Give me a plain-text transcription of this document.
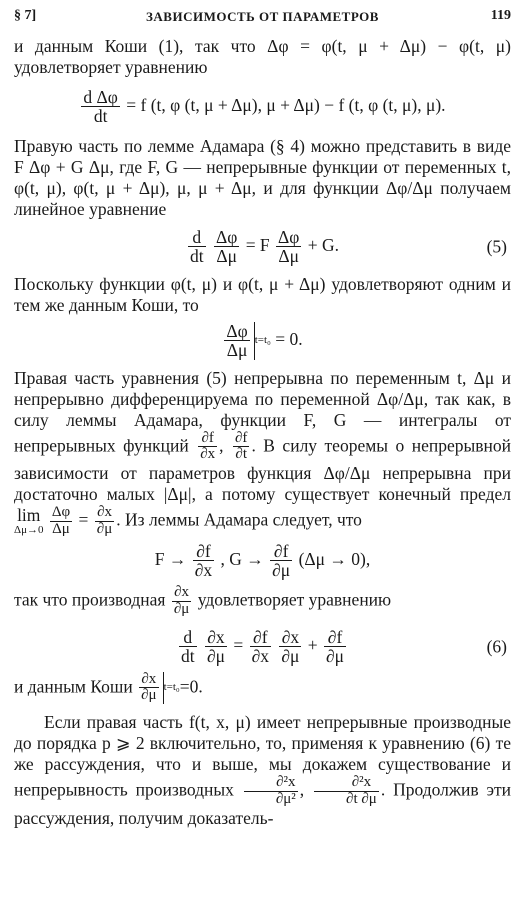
§ 7]	ЗАВИСИМОСТЬ ОТ ПАРАМЕТРОВ	119

и данным Коши (1), так что Δφ = φ(t, μ + Δμ) − φ(t, μ) удовлетворяет уравнению

$\frac{\text{d Δφ}}{dt} = f$ (t, φ (t, μ + Δμ), μ + Δμ) − f (t, φ (t, μ), μ).

Правую часть по лемме Адамара (§ 4) можно представить в виде F Δφ + G Δμ, где F, G — непрерывные функции от переменных t, φ(t, μ), φ(t, μ + Δμ), μ, μ + Δμ, и для функции Δφ/Δμ получаем линейное уравнение

$\frac{d}{dt}$
$\frac{\Delta\varphi}{\Delta\mu} = F \frac{\Delta\varphi}{\Delta\mu} + G$.	(5)

Поскольку функции φ(t, μ) и φ(t, μ + Δμ) удовлетворяют одним и тем же данным Коши, то

$\frac{\Delta\varphi}{\Delta\mu} t=t_0 = 0$.

Правая часть уравнения (5) непрерывна по переменным t, Δμ и непрерывно дифференцируема по переменной Δφ/Δμ, так как, в силу леммы Адамара, функции F, G — интегралы от непрерывных функций $\frac{\partial f}{\partial x}$ , $\frac{\partial f}{\partial t}$ . В силу теоремы о непрерывной зависимости от параметров функция Δφ/Δμ непрерывна при достаточно малых |Δμ|, а потому существует конечный предел
lim
Δμ→0
$\frac{\Delta\varphi}{\Delta\mu} = \frac{\partial x}{\partial\mu}$ . Из леммы Адамара следует, что

$F \to \frac{\partial f}{\partial x}$ , $G \to \frac{\partial f}{\partial\mu} (\Delta\mu \to 0)$,

так что производная $\frac{\partial x}{\partial\mu}$ удовлетворяет уравнению

$\frac{d}{dt}$
$\frac{\partial x}{\partial\mu} = \frac{\partial f}{\partial x}$
$\frac{\partial x}{\partial\mu} + \frac{\partial f}{\partial\mu}$	(6)

и данным Коши $\frac{\partial x}{\partial\mu} t=t_0 =0$.

Если правая часть f(t, x, μ) имеет непрерывные производные до порядка p ⩾ 2 включительно, то, применяя к уравнению (6) те же рассуждения, что и выше, мы докажем существование и непрерывность производных $\frac{\text{∂²x}}{\text{∂μ²}}$ , $\frac{\text{∂²x}}{\partial t \partial\mu}$ . Продолжив эти рассуждения, получим доказатель-
